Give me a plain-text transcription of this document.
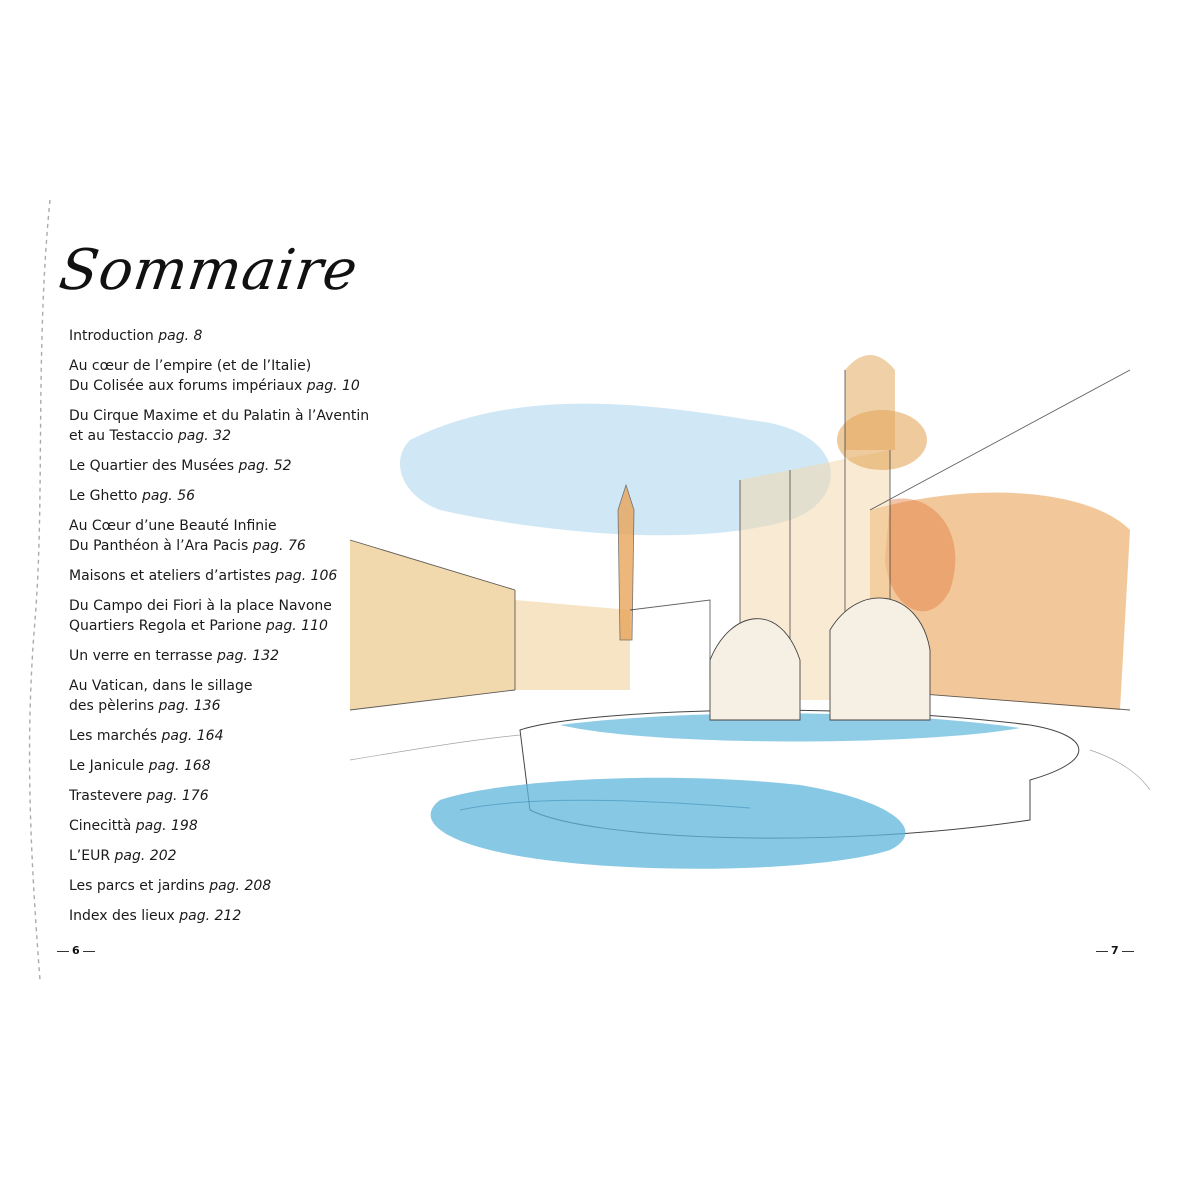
Sommaire
Introduction pag. 8
Au cœur de l’empire (et de l’Italie)
Du Colisée aux forums impériaux pag. 10
Du Cirque Maxime et du Palatin à l’Aventin
et au Testaccio pag. 32
Le Quartier des Musées pag. 52
Le Ghetto pag. 56
Au Cœur d’une Beauté Infinie
Du Panthéon à l’Ara Pacis pag. 76
Maisons et ateliers d’artistes pag. 106
Du Campo dei Fiori à la place Navone
Quartiers Regola et Parione pag. 110
Un verre en terrasse pag. 132
Au Vatican, dans le sillage
des pèlerins pag. 136
Les marchés pag. 164
Le Janicule pag. 168
Trastevere pag. 176
Cinecittà pag. 198
L’EUR pag. 202
Les parcs et jardins pag. 208
Index des lieux pag. 212
6	7
